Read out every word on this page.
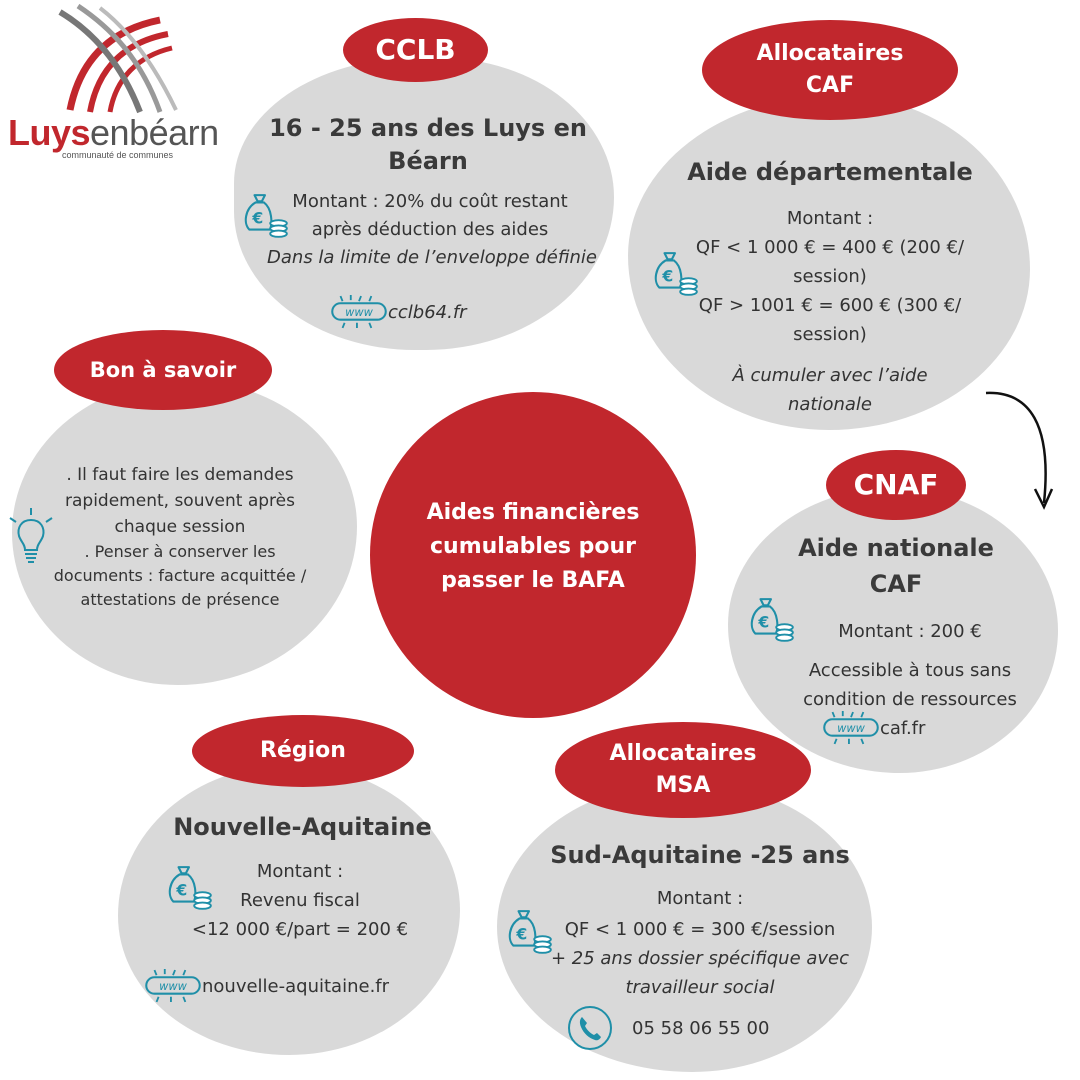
Luysenbéarn
communauté de communes
CCLB
16 - 25 ans des Luys en Béarn
Montant : 20% du coût restant
après déduction des aides
Dans la limite de l’enveloppe définie
cclb64.fr
Allocataires
CAF
Aide départementale
Montant :
QF < 1 000 € = 400 € (200 €/
session)
QF > 1001 € = 600 € (300 €/
session)
À cumuler avec l’aide
nationale
Bon à savoir
. Il faut faire les demandes
rapidement, souvent après
chaque session
. Penser à conserver les
documents : facture acquittée /
attestations de présence
Aides financières cumulables pour passer le BAFA
CNAF
Aide nationale
CAF
Montant : 200 €
Accessible à tous sans
condition de ressources
caf.fr
Région
Nouvelle-Aquitaine
Montant :
Revenu fiscal
<12 000 €/part = 200 €
nouvelle-aquitaine.fr
Allocataires
MSA
Sud-Aquitaine -25 ans
Montant :
QF < 1 000 € = 300 €/session
+ 25 ans dossier spécifique avec
travailleur social
05 58 06 55 00
